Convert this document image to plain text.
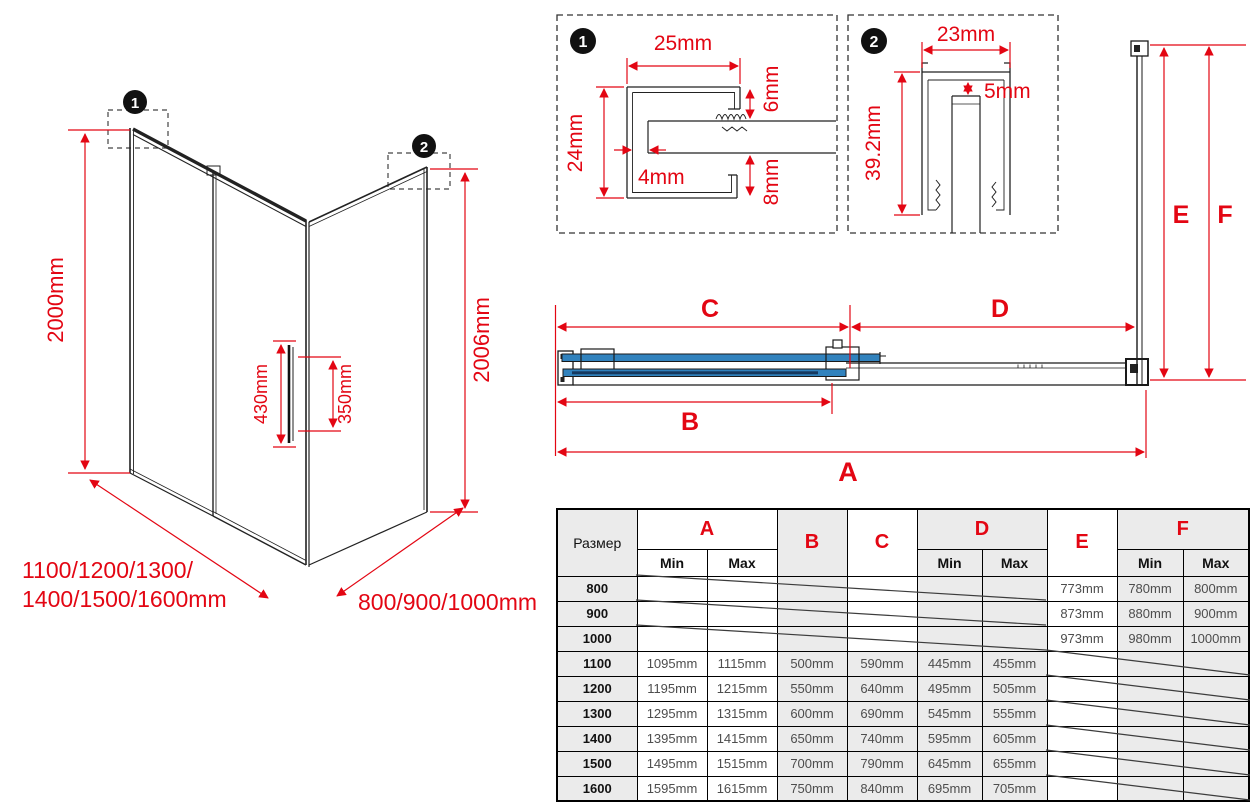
1
2
2000mm	2006mm
430mm	350mm
1	25mm
24mm
4mm
6mm
8mm
2	23mm
39.2mm
5mm
C	D
B
A
E F
1100/1200/1300/
1400/1500/1600mm	800/900/1000mm
Размер	A		B	C	D		E	F	
	Min	Max			Min	Max		Min	Max
800							773mm	780mm	800mm
900							873mm	880mm	900mm
1000							973mm	980mm	1000mm
1100	1095mm	1115mm	500mm	590mm	445mm	455mm			
1200	1195mm	1215mm	550mm	640mm	495mm	505mm			
1300	1295mm	1315mm	600mm	690mm	545mm	555mm			
1400	1395mm	1415mm	650mm	740mm	595mm	605mm			
1500	1495mm	1515mm	700mm	790mm	645mm	655mm			
1600	1595mm	1615mm	750mm	840mm	695mm	705mm			
